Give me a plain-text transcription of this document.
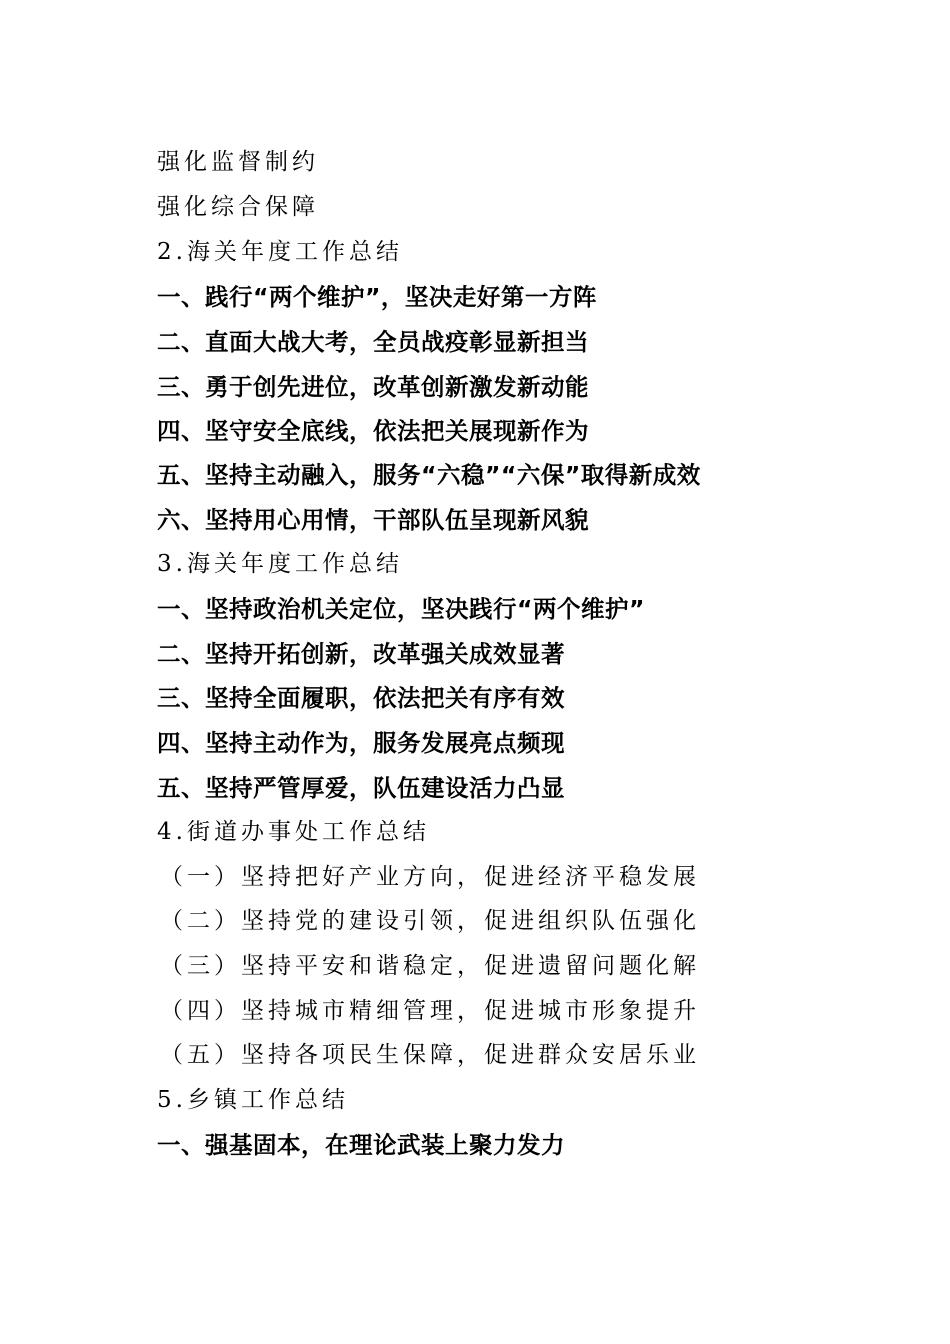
强化监督制约
强化综合保障
2.海关年度工作总结
一、践行“两个维护”，坚决走好第一方阵
二、直面大战大考，全员战疫彰显新担当
三、勇于创先进位，改革创新激发新动能
四、坚守安全底线，依法把关展现新作为
五、坚持主动融入，服务“六稳”“六保”取得新成效
六、坚持用心用情，干部队伍呈现新风貌
3.海关年度工作总结
一、坚持政治机关定位，坚决践行“两个维护”
二、坚持开拓创新，改革强关成效显著
三、坚持全面履职，依法把关有序有效
四、坚持主动作为，服务发展亮点频现
五、坚持严管厚爱，队伍建设活力凸显
4.街道办事处工作总结
（一）坚持把好产业方向，促进经济平稳发展
（二）坚持党的建设引领，促进组织队伍强化
（三）坚持平安和谐稳定，促进遗留问题化解
（四）坚持城市精细管理，促进城市形象提升
（五）坚持各项民生保障，促进群众安居乐业
5.乡镇工作总结
一、强基固本，在理论武装上聚力发力
